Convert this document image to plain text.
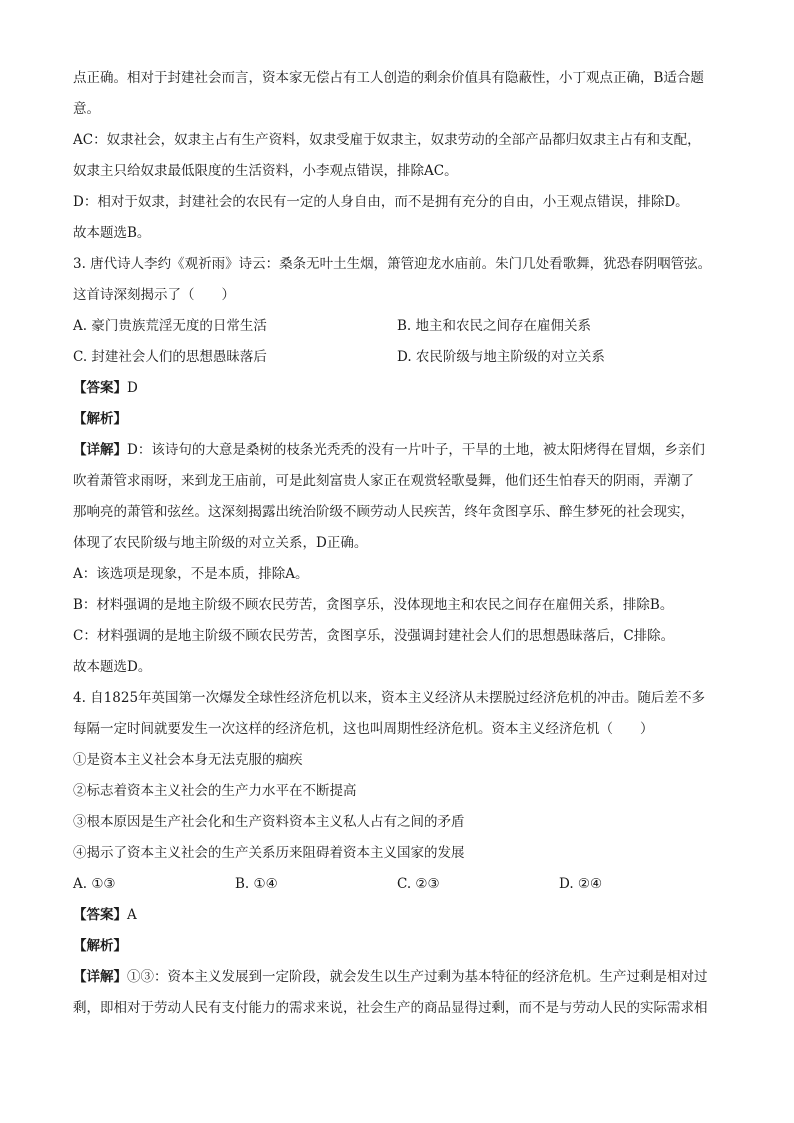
点正确。相对于封建社会而言，资本家无偿占有工人创造的剩余价值具有隐蔽性，小丁观点正确，B适合题

意。

AC：奴隶社会，奴隶主占有生产资料，奴隶受雇于奴隶主，奴隶劳动的全部产品都归奴隶主占有和支配，

奴隶主只给奴隶最低限度的生活资料，小李观点错误，排除AC。

D：相对于奴隶，封建社会的农民有一定的人身自由，而不是拥有充分的自由，小王观点错误，排除D。

故本题选B。

3. 唐代诗人李约《观祈雨》诗云：桑条无叶土生烟，箫管迎龙水庙前。朱门几处看歌舞，犹恐春阴咽管弦。

这首诗深刻揭示了（　　）

A. 豪门贵族荒淫无度的日常生活	B. 地主和农民之间存在雇佣关系
C. 封建社会人们的思想愚昧落后	D. 农民阶级与地主阶级的对立关系

【答案】D

【解析】

【详解】D：该诗句的大意是桑树的枝条光秃秃的没有一片叶子，干旱的土地，被太阳烤得在冒烟，乡亲们

吹着萧管求雨呀，来到龙王庙前，可是此刻富贵人家正在观赏轻歌曼舞，他们还生怕春天的阴雨，弄潮了

那响亮的萧管和弦丝。这深刻揭露出统治阶级不顾劳动人民疾苦，终年贪图享乐、醉生梦死的社会现实，

体现了农民阶级与地主阶级的对立关系，D正确。

A：该选项是现象，不是本质，排除A。

B：材料强调的是地主阶级不顾农民劳苦，贪图享乐，没体现地主和农民之间存在雇佣关系，排除B。

C：材料强调的是地主阶级不顾农民劳苦，贪图享乐，没强调封建社会人们的思想愚昧落后，C排除。

故本题选D。

4. 自1825年英国第一次爆发全球性经济危机以来，资本主义经济从未摆脱过经济危机的冲击。随后差不多

每隔一定时间就要发生一次这样的经济危机，这也叫周期性经济危机。资本主义经济危机（　　）

①是资本主义社会本身无法克服的痼疾

②标志着资本主义社会的生产力水平在不断提高

③根本原因是生产社会化和生产资料资本主义私人占有之间的矛盾

④揭示了资本主义社会的生产关系历来阻碍着资本主义国家的发展

A. ①③	B. ①④	C. ②③	D. ②④

【答案】A

【解析】

【详解】①③：资本主义发展到一定阶段，就会发生以生产过剩为基本特征的经济危机。生产过剩是相对过

剩，即相对于劳动人民有支付能力的需求来说，社会生产的商品显得过剩，而不是与劳动人民的实际需求相
